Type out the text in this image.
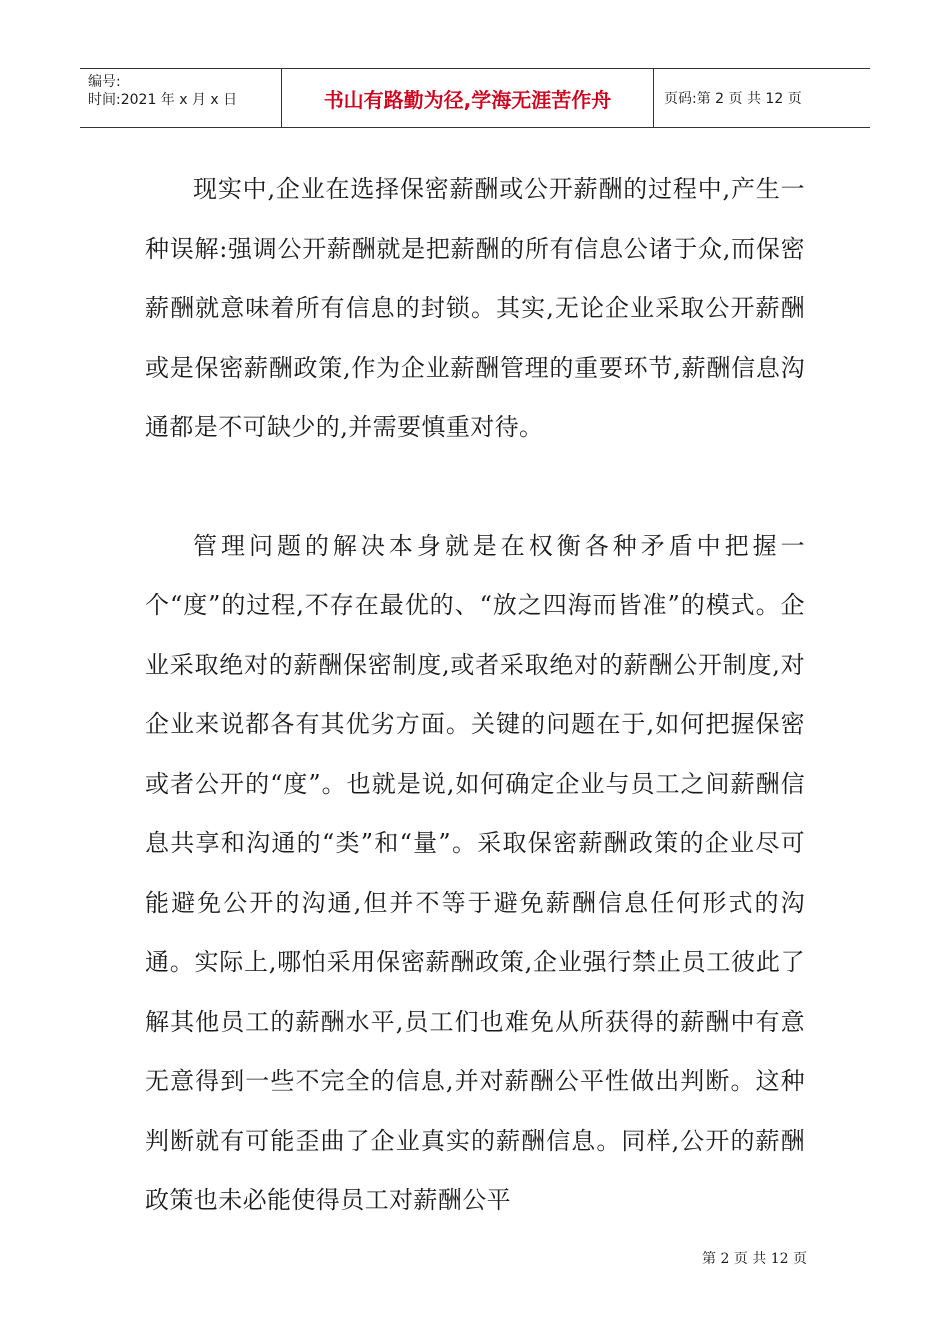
编号:
时间:2021 年 x 月 x 日	书山有路勤为径,学海无涯苦作舟	页码:第 2 页 共 12 页

现实中,企业在选择保密薪酬或公开薪酬的过程中,产生一种误解:强调公开薪酬就是把薪酬的所有信息公诸于众,而保密薪酬就意味着所有信息的封锁。其实,无论企业采取公开薪酬或是保密薪酬政策,作为企业薪酬管理的重要环节,薪酬信息沟通都是不可缺少的,并需要慎重对待。

管理问题的解决本身就是在权衡各种矛盾中把握一个“度”的过程,不存在最优的、“放之四海而皆准”的模式。企业采取绝对的薪酬保密制度,或者采取绝对的薪酬公开制度,对企业来说都各有其优劣方面。关键的问题在于,如何把握保密或者公开的“度”。也就是说,如何确定企业与员工之间薪酬信息共享和沟通的“类”和“量”。采取保密薪酬政策的企业尽可能避免公开的沟通,但并不等于避免薪酬信息任何形式的沟通。实际上,哪怕采用保密薪酬政策,企业强行禁止员工彼此了解其他员工的薪酬水平,员工们也难免从所获得的薪酬中有意无意得到一些不完全的信息,并对薪酬公平性做出判断。这种判断就有可能歪曲了企业真实的薪酬信息。同样,公开的薪酬政策也未必能使得员工对薪酬公平

第 2 页 共 12 页
